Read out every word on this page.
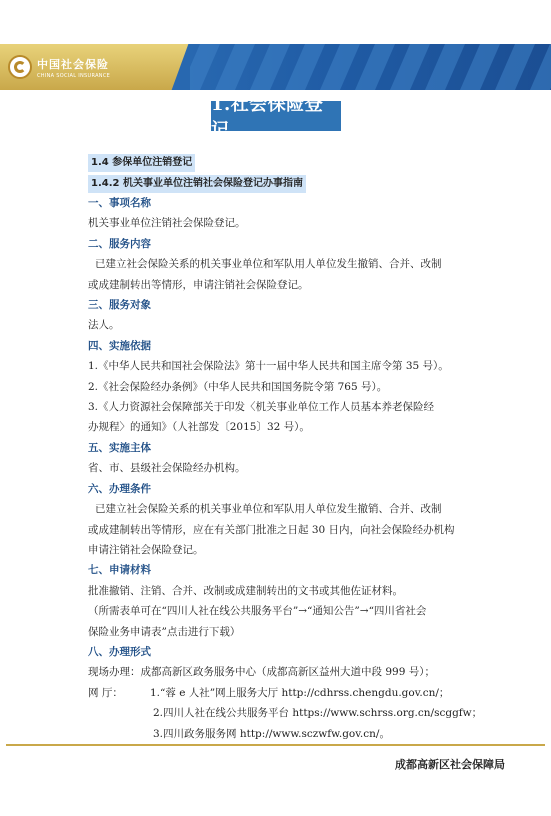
中国社会保险
CHINA SOCIAL INSURANCE
1.社会保险登记
1.4 参保单位注销登记
1.4.2 机关事业单位注销社会保险登记办事指南
一、事项名称
机关事业单位注销社会保险登记。
二、服务内容
已建立社会保险关系的机关事业单位和军队用人单位发生撤销、合并、改制
或成建制转出等情形，申请注销社会保险登记。
三、服务对象
法人。
四、实施依据
1.《中华人民共和国社会保险法》第十一届中华人民共和国主席令第 35 号）。
2.《社会保险经办条例》（中华人民共和国国务院令第 765 号）。
3.《人力资源社会保障部关于印发〈机关事业单位工作人员基本养老保险经
办规程〉的通知》（人社部发〔2015〕32 号）。
五、实施主体
省、市、县级社会保险经办机构。
六、办理条件
已建立社会保险关系的机关事业单位和军队用人单位发生撤销、合并、改制
或成建制转出等情形，应在有关部门批准之日起 30 日内，向社会保险经办机构
申请注销社会保险登记。
七、申请材料
批准撤销、注销、合并、改制或成建制转出的文书或其他佐证材料。
（所需表单可在“四川人社在线公共服务平台”→“通知公告”→“四川省社会
保险业务申请表”点击进行下载）
八、办理形式
现场办理：成都高新区政务服务中心（成都高新区益州大道中段 999 号）；
网 厅：	1.“蓉 e 人社”网上服务大厅 http://cdhrss.chengdu.gov.cn/；
2.四川人社在线公共服务平台 https://www.schrss.org.cn/scggfw；
3.四川政务服务网 http://www.sczwfw.gov.cn/。
成都高新区社会保障局
